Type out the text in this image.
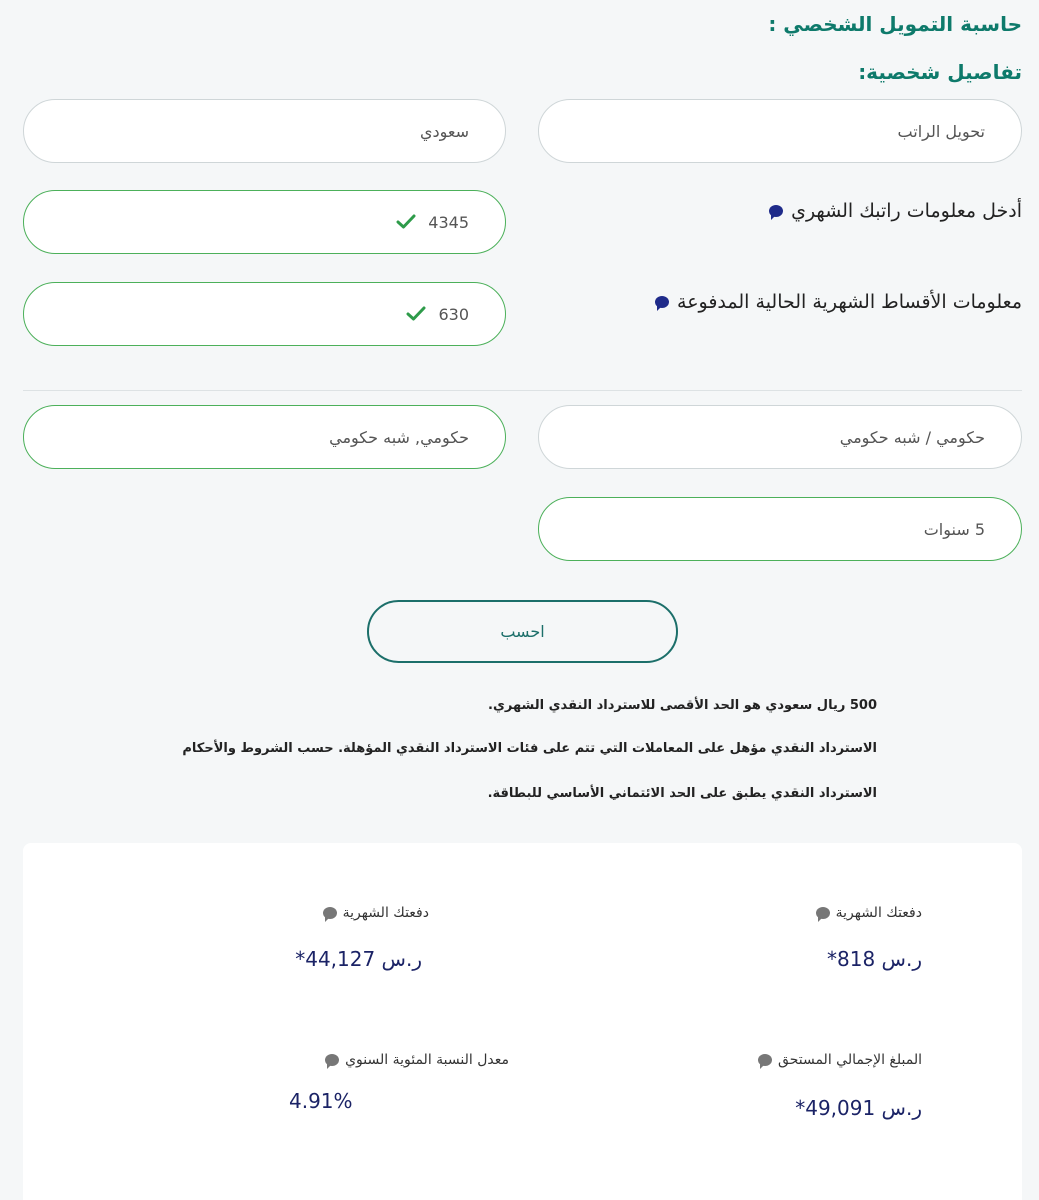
حاسبة التمويل الشخصي :
تفاصيل شخصية:
تحويل الراتب
سعودي
أدخل معلومات راتبك الشهري
4345
معلومات الأقساط الشهرية الحالية المدفوعة
630
حكومي / شبه حكومي
حكومي, شبه حكومي
5 سنوات
احسب
500 ريال سعودي هو الحد الأقصى للاسترداد النقدي الشهري.
الاسترداد النقدي مؤهل على المعاملات التي تتم على فئات الاسترداد النقدي المؤهلة. حسب الشروط والأحكام
الاسترداد النقدي يطبق على الحد الائتماني الأساسي للبطاقة.
دفعتك الشهرية
ر.س 818*
دفعتك الشهرية
ر.س 44,127*
المبلغ الإجمالي المستحق
ر.س 49,091*
معدل النسبة المئوية السنوي
4.91%
